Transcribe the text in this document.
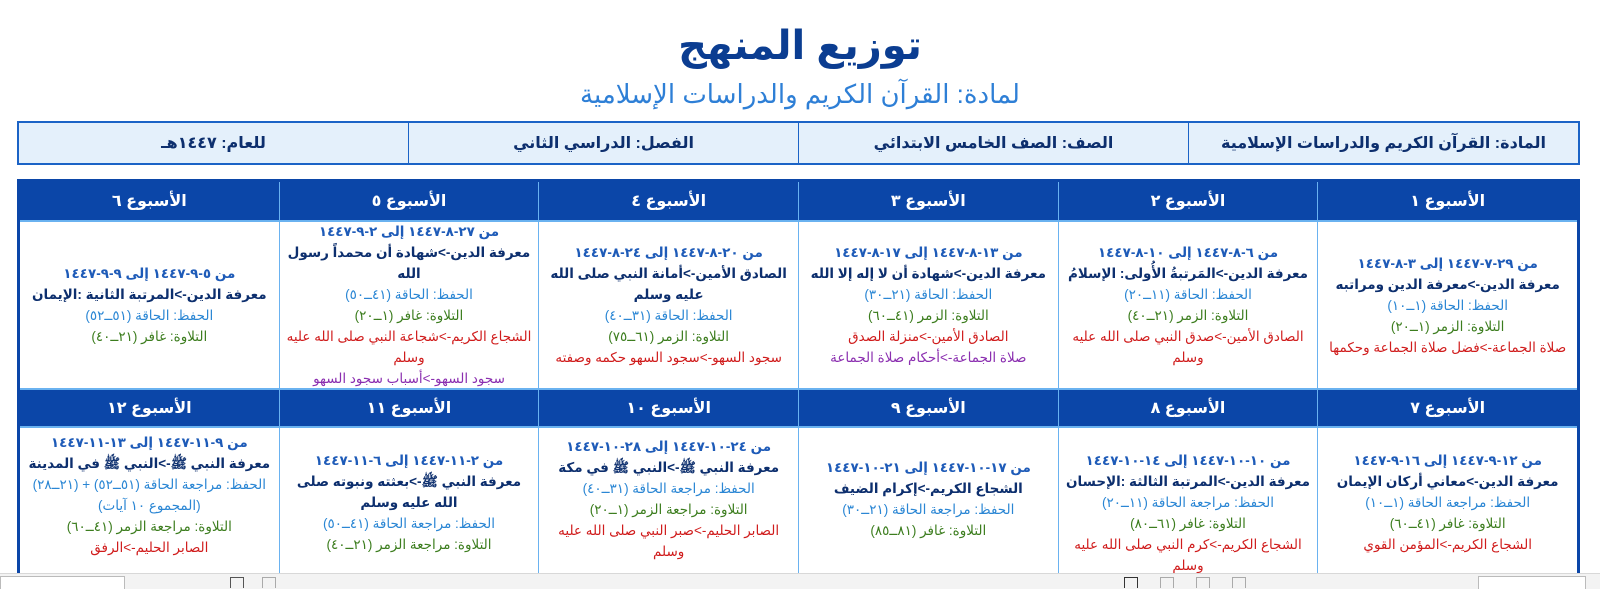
توزيع المنهج
لمادة: القرآن الكريم والدراسات الإسلامية
المادة: القرآن الكريم والدراسات الإسلامية
الصف: الصف الخامس الابتدائي
الفصل: الدراسي الثاني
للعام: ١٤٤٧هـ
الأسبوع ١
الأسبوع ٢
الأسبوع ٣
الأسبوع ٤
الأسبوع ٥
الأسبوع ٦
من ٢٩-٧-١٤٤٧ إلى ٣-٨-١٤٤٧
معرفة الدين->معرفة الدين ومراتبه
الحفظ: الحاقة (١ــ١٠)
التلاوة: الزمر (١ــ٢٠)
صلاة الجماعة->فضل صلاة الجماعة وحكمها
من ٦-٨-١٤٤٧ إلى ١٠-٨-١٤٤٧
معرفة الدين->المَرتبةُ الأُولى: الإسلامُ
الحفظ: الحاقة (١١ــ٢٠)
التلاوة: الزمر (٢١ــ٤٠)
الصادق الأمين->صدق النبي صلى الله عليه وسلم
من ١٣-٨-١٤٤٧ إلى ١٧-٨-١٤٤٧
معرفة الدين->شهادة أن لا إله إلا الله
الحفظ: الحاقة (٢١ــ٣٠)
التلاوة: الزمر (٤١ــ٦٠)
الصادق الأمين->منزلة الصدق
صلاة الجماعة->أحكام صلاة الجماعة
من ٢٠-٨-١٤٤٧ إلى ٢٤-٨-١٤٤٧
الصادق الأمين->أمانة النبي صلى الله عليه وسلم
الحفظ: الحاقة (٣١ــ٤٠)
التلاوة: الزمر (٦١ــ٧٥)
سجود السهو->سجود السهو حكمه وصفته
من ٢٧-٨-١٤٤٧ إلى ٢-٩-١٤٤٧
معرفة الدين->شهادة أن محمداً رسول الله
الحفظ: الحاقة (٤١ــ٥٠)
التلاوة: غافر (١ــ٢٠)
الشجاع الكريم->شجاعة النبي صلى الله عليه وسلم
سجود السهو->أسباب سجود السهو
من ٥-٩-١٤٤٧ إلى ٩-٩-١٤٤٧
معرفة الدين->المرتبة الثانية :الإيمان
الحفظ: الحاقة (٥١ــ٥٢)
التلاوة: غافر (٢١ــ٤٠)
الأسبوع ٧
الأسبوع ٨
الأسبوع ٩
الأسبوع ١٠
الأسبوع ١١
الأسبوع ١٢
من ١٢-٩-١٤٤٧ إلى ١٦-٩-١٤٤٧
معرفة الدين->معاني أركان الإيمان
الحفظ: مراجعة الحاقة (١ــ١٠)
التلاوة: غافر (٤١ــ٦٠)
الشجاع الكريم->المؤمن القوي
من ١٠-١٠-١٤٤٧ إلى ١٤-١٠-١٤٤٧
معرفة الدين->المرتبة الثالثة :الإحسان
الحفظ: مراجعة الحاقة (١١ــ٢٠)
التلاوة: غافر (٦١ــ٨٠)
الشجاع الكريم->كرم النبي صلى الله عليه وسلم
من ١٧-١٠-١٤٤٧ إلى ٢١-١٠-١٤٤٧
الشجاع الكريم->إكرام الضيف
الحفظ: مراجعة الحاقة (٢١ــ٣٠)
التلاوة: غافر (٨١ــ٨٥)
من ٢٤-١٠-١٤٤٧ إلى ٢٨-١٠-١٤٤٧
معرفة النبي ﷺ->النبي ﷺ في مكة
الحفظ: مراجعة الحاقة (٣١ــ٤٠)
التلاوة: مراجعة الزمر (١ــ٢٠)
الصابر الحليم->صبر النبي صلى الله عليه وسلم
من ٢-١١-١٤٤٧ إلى ٦-١١-١٤٤٧
معرفة النبي ﷺ->بعثته ونبوته صلى الله عليه وسلم
الحفظ: مراجعة الحاقة (٤١ــ٥٠)
التلاوة: مراجعة الزمر (٢١ــ٤٠)
من ٩-١١-١٤٤٧ إلى ١٣-١١-١٤٤٧
معرفة النبي ﷺ->النبي ﷺ في المدينة
الحفظ: مراجعة الحاقة (٥١ــ٥٢) + (٢١ــ٢٨) (المجموع ١٠ آيات)
التلاوة: مراجعة الزمر (٤١ــ٦٠)
الصابر الحليم->الرفق
